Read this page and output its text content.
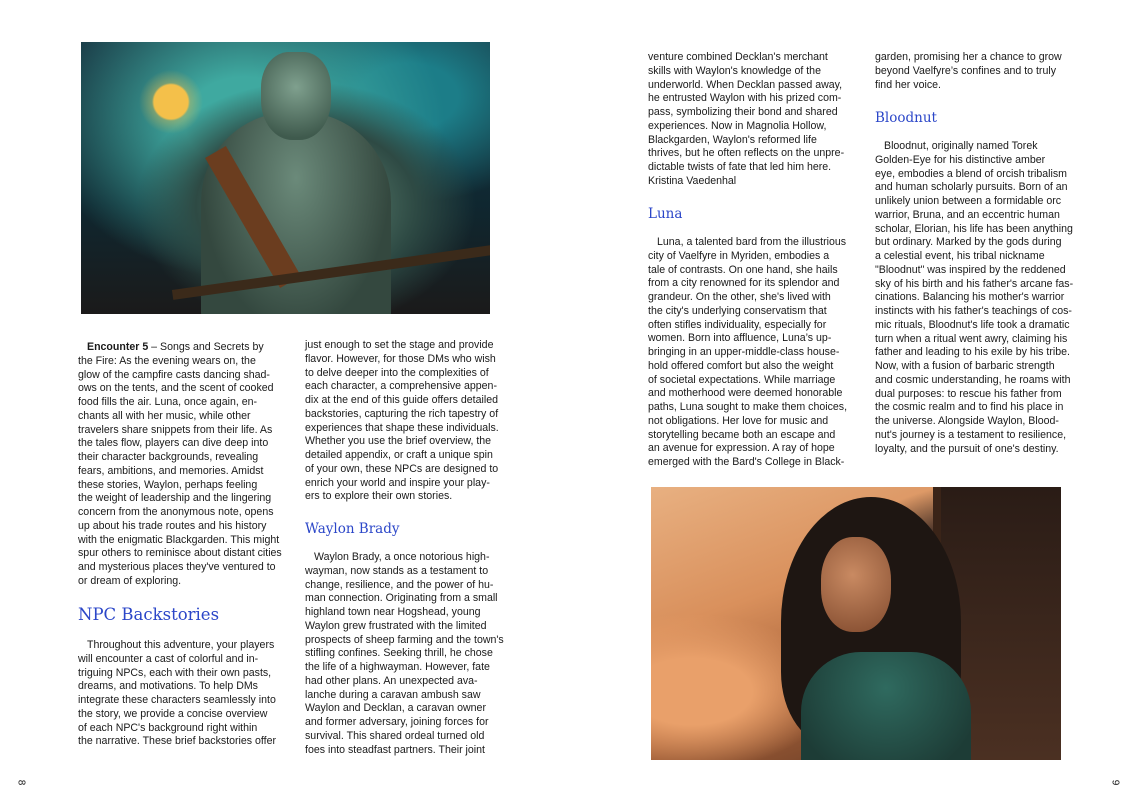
Encounter 5 – Songs and Secrets by
the Fire: As the evening wears on, the
glow of the campfire casts dancing shad-
ows on the tents, and the scent of cooked
food fills the air. Luna, once again, en-
chants all with her music, while other
travelers share snippets from their life. As
the tales flow, players can dive deep into
their character backgrounds, revealing
fears, ambitions, and memories. Amidst
these stories, Waylon, perhaps feeling
the weight of leadership and the lingering
concern from the anonymous note, opens
up about his trade routes and his history
with the enigmatic Blackgarden. This might
spur others to reminisce about distant cities
and mysterious places they've ventured to
or dream of exploring.
NPC Backstories
Throughout this adventure, your players
will encounter a cast of colorful and in-
triguing NPCs, each with their own pasts,
dreams, and motivations. To help DMs
integrate these characters seamlessly into
the story, we provide a concise overview
of each NPC's background right within
the narrative. These brief backstories offer
just enough to set the stage and provide
flavor. However, for those DMs who wish
to delve deeper into the complexities of
each character, a comprehensive appen-
dix at the end of this guide offers detailed
backstories, capturing the rich tapestry of
experiences that shape these individuals.
Whether you use the brief overview, the
detailed appendix, or craft a unique spin
of your own, these NPCs are designed to
enrich your world and inspire your play-
ers to explore their own stories.
Waylon Brady
Waylon Brady, a once notorious high-
wayman, now stands as a testament to
change, resilience, and the power of hu-
man connection. Originating from a small
highland town near Hogshead, young
Waylon grew frustrated with the limited
prospects of sheep farming and the town's
stifling confines. Seeking thrill, he chose
the life of a highwayman. However, fate
had other plans. An unexpected ava-
lanche during a caravan ambush saw
Waylon and Decklan, a caravan owner
and former adversary, joining forces for
survival. This shared ordeal turned old
foes into steadfast partners. Their joint
venture combined Decklan's merchant
skills with Waylon's knowledge of the
underworld. When Decklan passed away,
he entrusted Waylon with his prized com-
pass, symbolizing their bond and shared
experiences. Now in Magnolia Hollow,
Blackgarden, Waylon's reformed life
thrives, but he often reflects on the unpre-
dictable twists of fate that led him here.
Kristina Vaedenhal
Luna
Luna, a talented bard from the illustrious
city of Vaelfyre in Myriden, embodies a
tale of contrasts. On one hand, she hails
from a city renowned for its splendor and
grandeur. On the other, she's lived with
the city's underlying conservatism that
often stifles individuality, especially for
women. Born into affluence, Luna’s up-
bringing in an upper-middle-class house-
hold offered comfort but also the weight
of societal expectations. While marriage
and motherhood were deemed honorable
paths, Luna sought to make them choices,
not obligations. Her love for music and
storytelling became both an escape and
an avenue for expression. A ray of hope
emerged with the Bard's College in Black-
garden, promising her a chance to grow
beyond Vaelfyre’s confines and to truly
find her voice.
Bloodnut
Bloodnut, originally named Torek
Golden-Eye for his distinctive amber
eye, embodies a blend of orcish tribalism
and human scholarly pursuits. Born of an
unlikely union between a formidable orc
warrior, Bruna, and an eccentric human
scholar, Elorian, his life has been anything
but ordinary. Marked by the gods during
a celestial event, his tribal nickname
"Bloodnut" was inspired by the reddened
sky of his birth and his father's arcane fas-
cinations. Balancing his mother's warrior
instincts with his father's teachings of cos-
mic rituals, Bloodnut's life took a dramatic
turn when a ritual went awry, claiming his
father and leading to his exile by his tribe.
Now, with a fusion of barbaric strength
and cosmic understanding, he roams with
dual purposes: to rescue his father from
the cosmic realm and to find his place in
the universe. Alongside Waylon, Blood-
nut's journey is a testament to resilience,
loyalty, and the pursuit of one's destiny.
8	9
